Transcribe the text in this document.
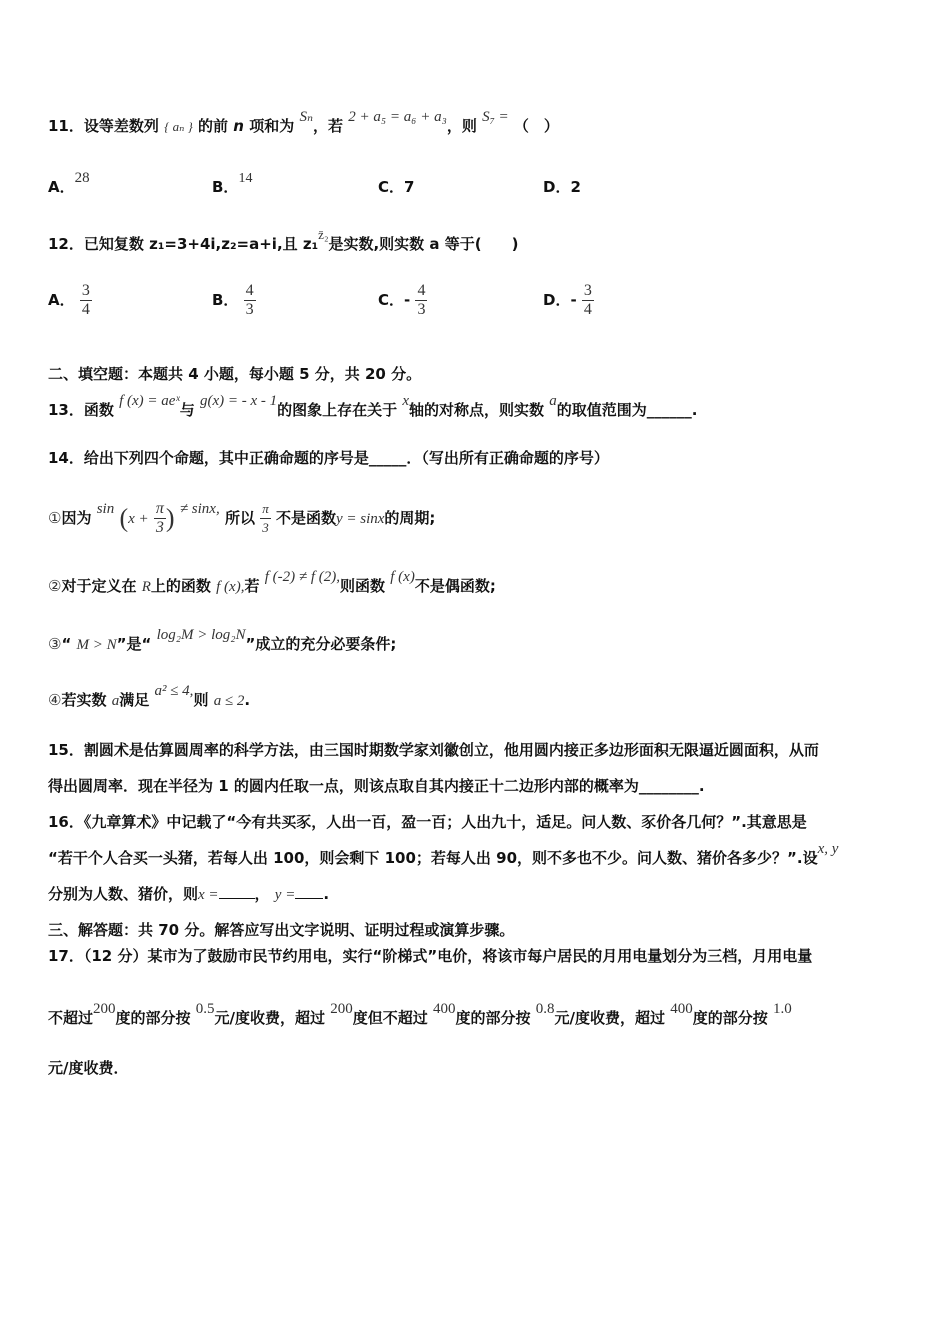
11．设等差数列 { aₙ } 的前 n 项和为 Sₙ，若 2 + a₅ = a₆ + a₃，则 S₇ = （　）
A．28	B．14	C．7	D．2
12．已知复数 z₁=3+4i,z₂=a+i,且 z₁z̄₂是实数,则实数 a 等于(　　)
A． $\frac{3}{4}$	B． $\frac{4}{3}$	C．- $\frac{4}{3}$	D．- $\frac{3}{4}$
二、填空题：本题共 4 小题，每小题 5 分，共 20 分。
13．函数 f (x) = aeˣ与 g(x) = - x - 1的图象上存在关于 x轴的对称点，则实数 a的取值范围为______.
14．给出下列四个命题，其中正确命题的序号是_____．（写出所有正确命题的序号）
①因为 $\sin (x + \frac{\pi}{3}$ ) ≠ sinx, 所以 $\frac{\pi}{3}$ 不是函数y = sinx的周期;
②对于定义在 R上的函数 f (x),若 f (-2) ≠ f (2),则函数 f (x)不是偶函数;
③“ M > N”是“ log₂M > log₂N”成立的充分必要条件;
④若实数 a满足 a² ≤ 4,则 a ≤ 2.
15．割圆术是估算圆周率的科学方法，由三国时期数学家刘徽创立，他用圆内接正多边形面积无限逼近圆面积，从而
得出圆周率．现在半径为 1 的圆内任取一点，则该点取自其内接正十二边形内部的概率为________.
16．《九章算术》中记载了“今有共买豕，人出一百，盈一百；人出九十，适足。问人数、豕价各几何？”.其意思是
“若干个人合买一头猪，若每人出 100，则会剩下 100；若每人出 90，则不多也不少。问人数、猪价各多少？”.设x, y
分别为人数、猪价，则x = ， y = .
三、解答题：共 70 分。解答应写出文字说明、证明过程或演算步骤。
17．（12 分）某市为了鼓励市民节约用电，实行“阶梯式”电价，将该市每户居民的月用电量划分为三档，月用电量
不超过200度的部分按 0.5元/度收费，超过 200度但不超过 400度的部分按 0.8元/度收费，超过 400度的部分按 1.0
元/度收费．
